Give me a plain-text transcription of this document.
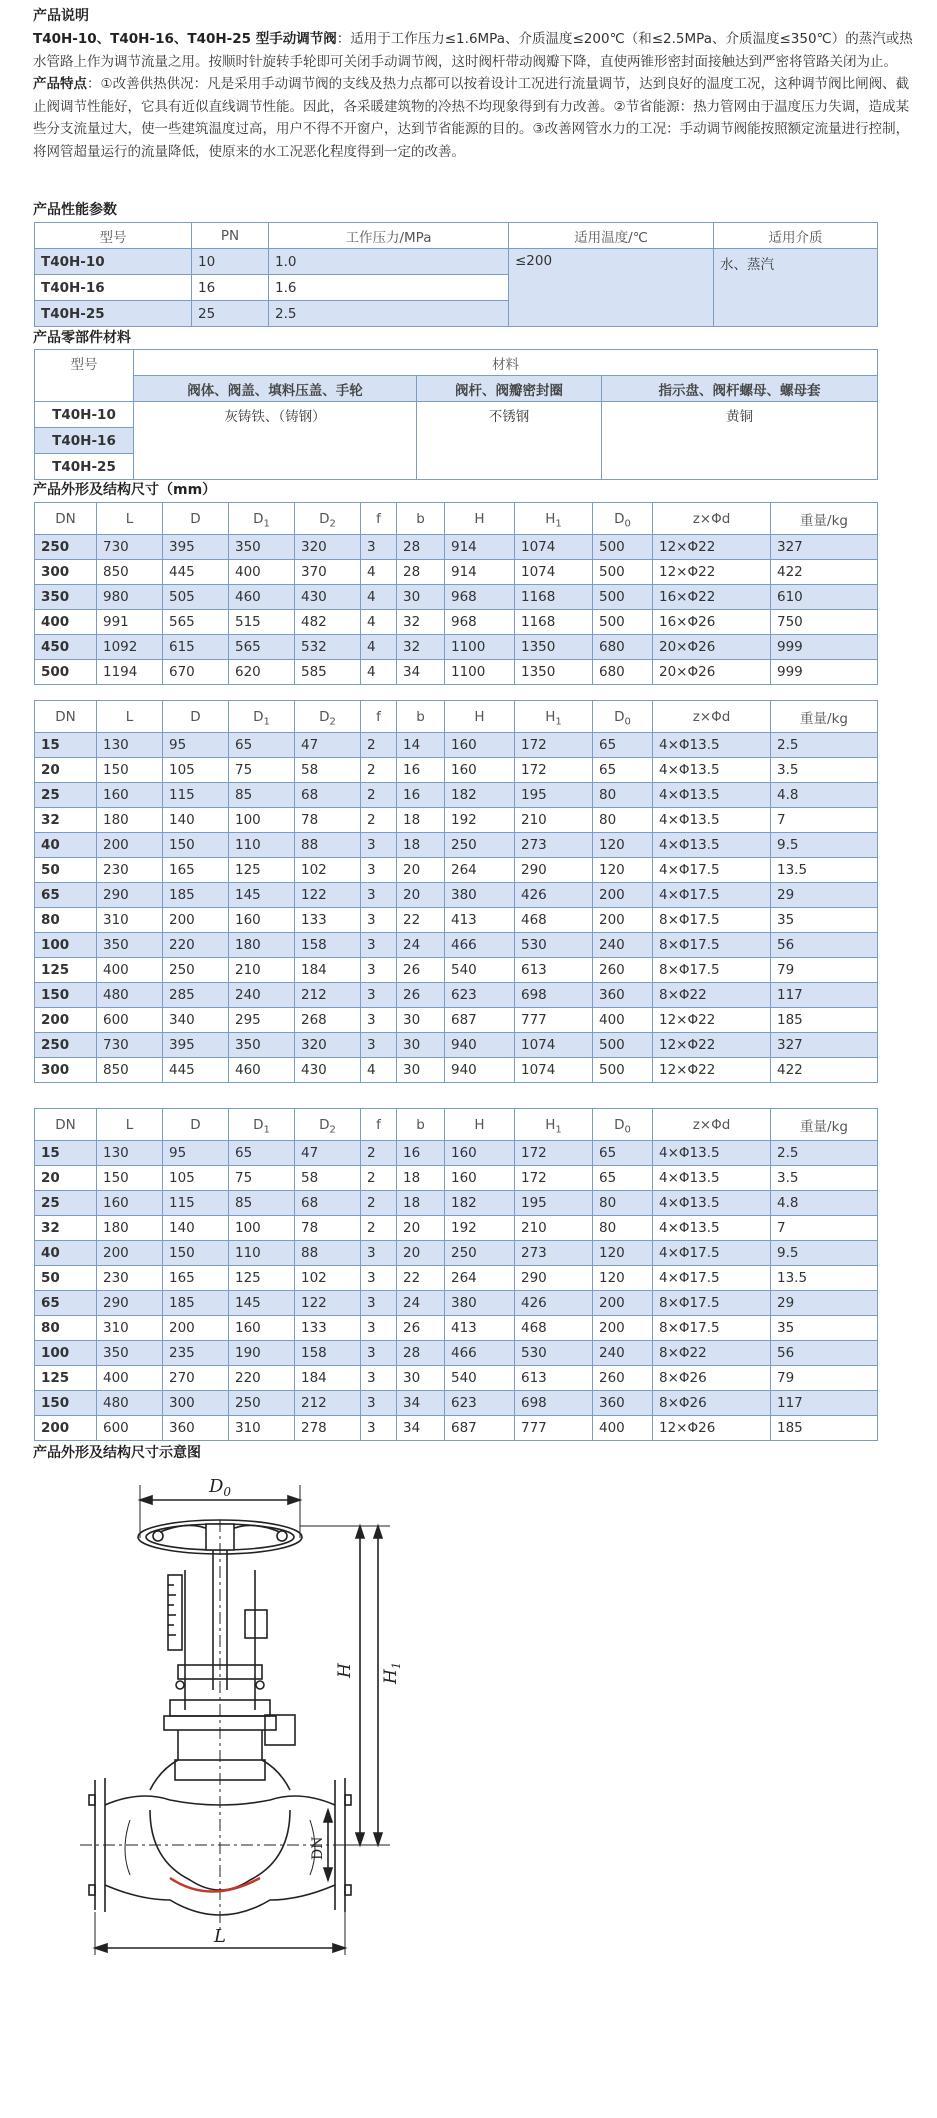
产品说明

T40H-10、T40H-16、T40H-25 型手动调节阀：适用于工作压力≤1.6MPa、介质温度≤200℃（和≤2.5MPa、介质温度≤350℃）的蒸汽或热水管路上作为调节流量之用。按顺时针旋转手轮即可关闭手动调节阀，这时阀杆带动阀瓣下降，直使两锥形密封面接触达到严密将管路关闭为止。

产品特点：①改善供热供况：凡是采用手动调节阀的支线及热力点都可以按着设计工况进行流量调节，达到良好的温度工况，这种调节阀比闸阀、截止阀调节性能好，它具有近似直线调节性能。因此，各采暖建筑物的冷热不均现象得到有力改善。②节省能源：热力管网由于温度压力失调，造成某些分支流量过大，使一些建筑温度过高，用户不得不开窗户，达到节省能源的目的。③改善网管水力的工况：手动调节阀能按照额定流量进行控制，将网管超量运行的流量降低，使原来的水工况恶化程度得到一定的改善。

产品性能参数

型号	PN	工作压力/MPa	适用温度/℃	适用介质
T40H-10	10	1.0	≤200	水、蒸汽
T40H-16	16	1.6		
T40H-25	25	2.5		

产品零部件材料

型号	材料		
	阀体、阀盖、填料压盖、手轮	阀杆、阀瓣密封圈	指示盘、阀杆螺母、螺母套
T40H-10	灰铸铁、（铸钢）	不锈钢	黄铜
T40H-16			
T40H-25			

产品外形及结构尺寸（mm）

DN	L	D	$D_1$	$D_2$	f	b	H	$H_1$	$D_0$	z×Φd	重量/kg
250	730	395	350	320	3	28	914	1074	500	12×Φ22	327
300	850	445	400	370	4	28	914	1074	500	12×Φ22	422
350	980	505	460	430	4	30	968	1168	500	16×Φ22	610
400	991	565	515	482	4	32	968	1168	500	16×Φ26	750
450	1092	615	565	532	4	32	1100	1350	680	20×Φ26	999
500	1194	670	620	585	4	34	1100	1350	680	20×Φ26	999
DN	L	D	$D_1$	$D_2$	f	b	H	$H_1$	$D_0$	z×Φd	重量/kg
15	130	95	65	47	2	14	160	172	65	4×Φ13.5	2.5
20	150	105	75	58	2	16	160	172	65	4×Φ13.5	3.5
25	160	115	85	68	2	16	182	195	80	4×Φ13.5	4.8
32	180	140	100	78	2	18	192	210	80	4×Φ13.5	7
40	200	150	110	88	3	18	250	273	120	4×Φ13.5	9.5
50	230	165	125	102	3	20	264	290	120	4×Φ17.5	13.5
65	290	185	145	122	3	20	380	426	200	4×Φ17.5	29
80	310	200	160	133	3	22	413	468	200	8×Φ17.5	35
100	350	220	180	158	3	24	466	530	240	8×Φ17.5	56
125	400	250	210	184	3	26	540	613	260	8×Φ17.5	79
150	480	285	240	212	3	26	623	698	360	8×Φ22	117
200	600	340	295	268	3	30	687	777	400	12×Φ22	185
250	730	395	350	320	3	30	940	1074	500	12×Φ22	327
300	850	445	460	430	4	30	940	1074	500	12×Φ22	422
DN	L	D	$D_1$	$D_2$	f	b	H	$H_1$	$D_0$	z×Φd	重量/kg
15	130	95	65	47	2	16	160	172	65	4×Φ13.5	2.5
20	150	105	75	58	2	18	160	172	65	4×Φ13.5	3.5
25	160	115	85	68	2	18	182	195	80	4×Φ13.5	4.8
32	180	140	100	78	2	20	192	210	80	4×Φ13.5	7
40	200	150	110	88	3	20	250	273	120	4×Φ17.5	9.5
50	230	165	125	102	3	22	264	290	120	4×Φ17.5	13.5
65	290	185	145	122	3	24	380	426	200	8×Φ17.5	29
80	310	200	160	133	3	26	413	468	200	8×Φ17.5	35
100	350	235	190	158	3	28	466	530	240	8×Φ22	56
125	400	270	220	184	3	30	540	613	260	8×Φ26	79
150	480	300	250	212	3	34	623	698	360	8×Φ26	117
200	600	360	310	278	3	34	687	777	400	12×Φ26	185

产品外形及结构尺寸示意图

$D_0$
H $H_1$
DN
L
